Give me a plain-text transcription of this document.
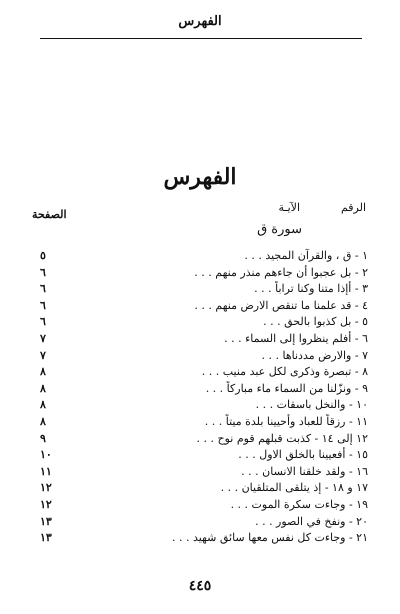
الفهرس
الفهرس
الرقم
الآيـة
الصفحة
سورة ق
١ - ق ، والقرآن المجيد . . .
٥
٢ - بل عجبوا أن جاءهم منذر منهم . . .
٦
٣ - أإذا متنا وكنا تراباً . . .
٦
٤ - قد علمنا ما تنقص الارض منهم . . .
٦
٥ - بل كذبوا بالحق . . .
٦
٦ - أفلم ينظروا إلى السماء . . .
٧
٧ - والارض مددناها . . .
٧
٨ - تبصرة وذكرى لكل عبد منيب . . .
٨
٩ - ونزّلنا من السماء ماء مباركاً . . .
٨
١٠ - والنخل باسقات . . .
٨
١١ - رزقاً للعباد وأحيينا بلدة ميتاً . . .
٨
١٢ إلى ١٤ - كذبت قبلهم قوم نوح . . .
٩
١٥ - أفعيينا بالخلق الاول . . .
١٠
١٦ - ولقد خلقنا الانسان . . .
١١
١٧ و ١٨ - إذ يتلقى المتلقيان . . .
١٢
١٩ - وجاءت سكرة الموت . . .
١٢
٢٠ - ونفخ في الصور . . .
١٣
٢١ - وجاءت كل نفس معها سائق شهيد . . .
١٣
٤٤٥
